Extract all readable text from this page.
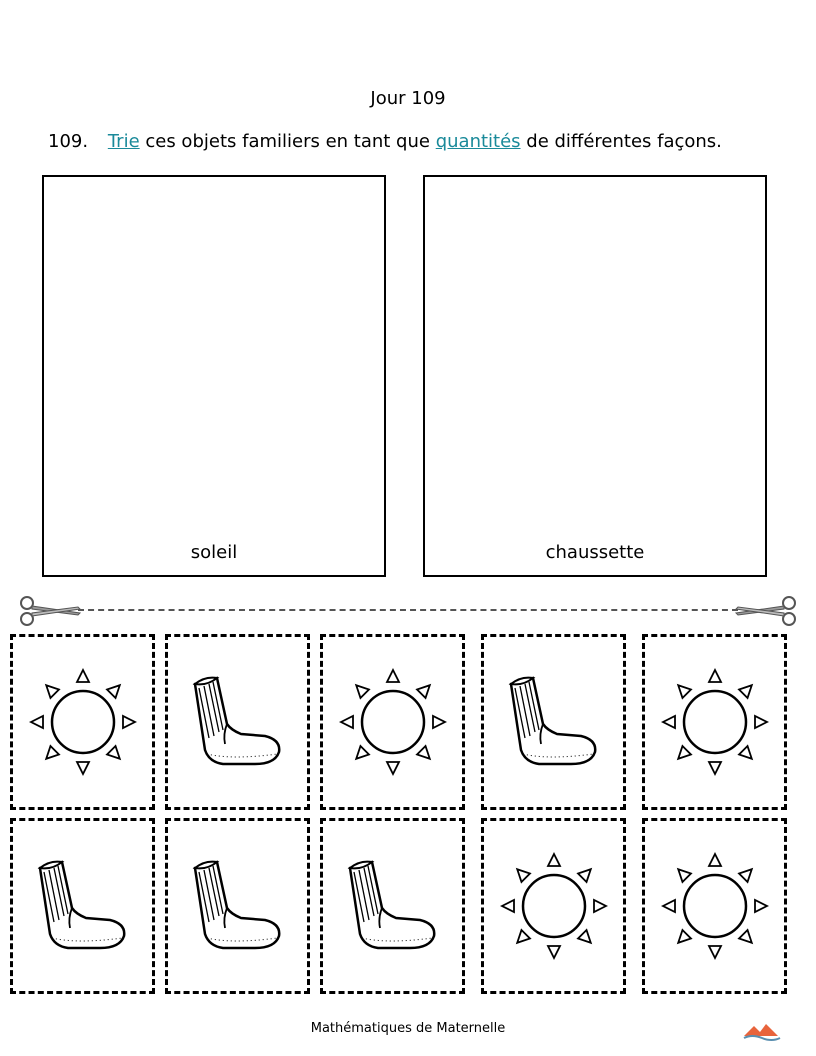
Jour 109
109. Trie ces objets familiers en tant que quantités de différentes façons.
soleil	chaussette
Mathématiques de Maternelle
